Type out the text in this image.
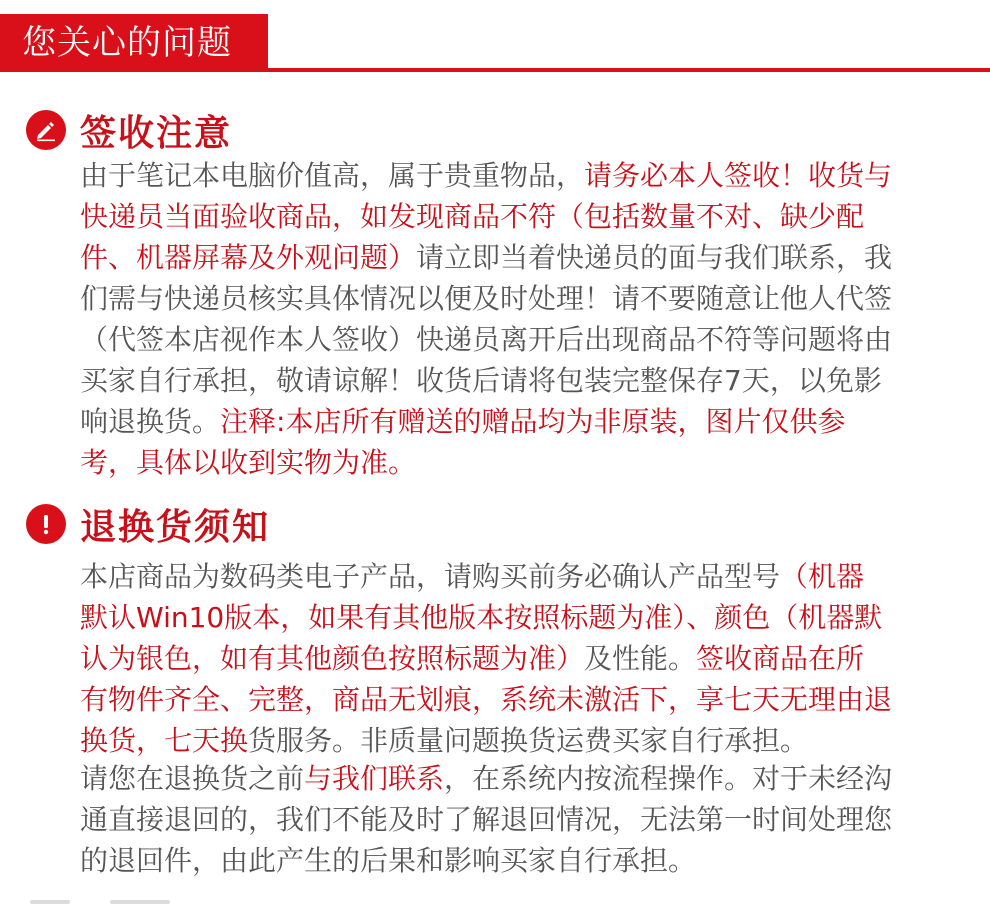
您关心的问题
签收注意

由于笔记本电脑价值高，属于贵重物品，请务必本人签收！收货与快递员当面验收商品，如发现商品不符（包括数量不对、缺少配件、机器屏幕及外观问题）请立即当着快递员的面与我们联系，我们需与快递员核实具体情况以便及时处理！请不要随意让他人代签（代签本店视作本人签收）快递员离开后出现商品不符等问题将由买家自行承担，敬请谅解！收货后请将包装完整保存7天，以免影响退换货。注释:本店所有赠送的赠品均为非原装，图片仅供参考，具体以收到实物为准。

退换货须知

本店商品为数码类电子产品，请购买前务必确认产品型号（机器默认Win10版本，如果有其他版本按照标题为准）、颜色（机器默认为银色，如有其他颜色按照标题为准）及性能。签收商品在所有物件齐全、完整，商品无划痕，系统未激活下，享七天无理由退换货，七天换货服务。非质量问题换货运费买家自行承担。

请您在退换货之前与我们联系，在系统内按流程操作。对于未经沟通直接退回的，我们不能及时了解退回情况，无法第一时间处理您的退回件，由此产生的后果和影响买家自行承担。
